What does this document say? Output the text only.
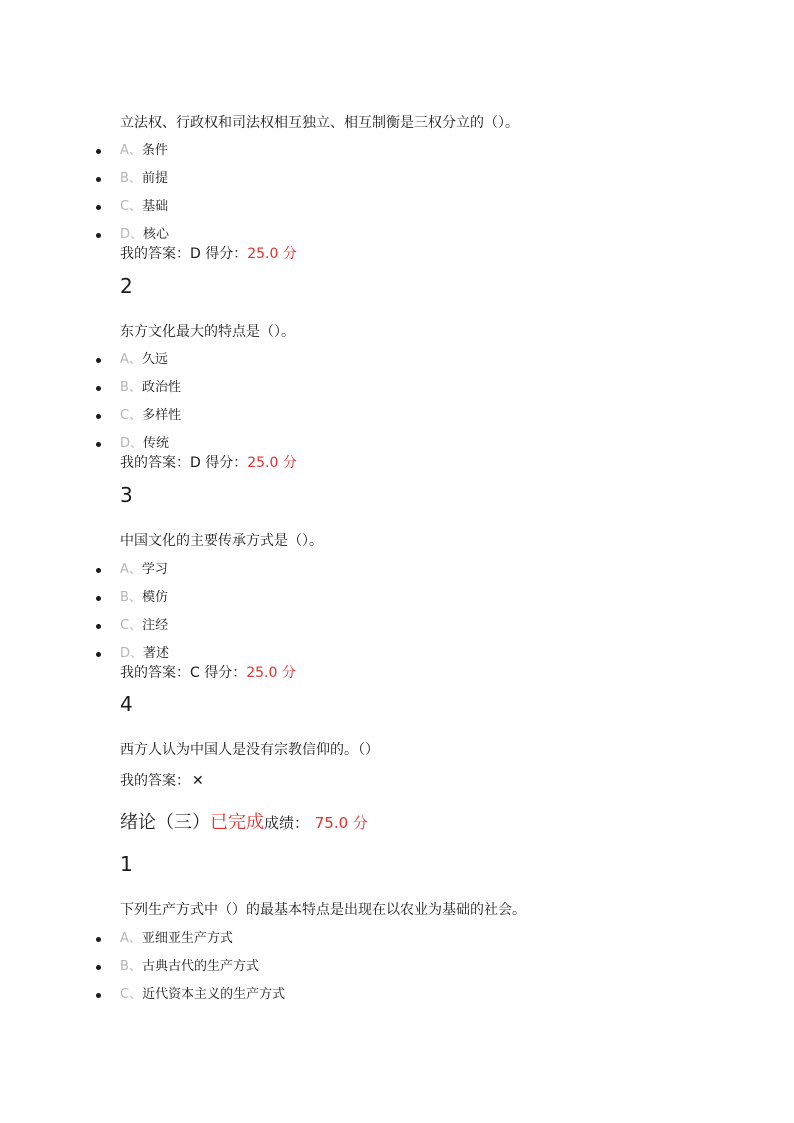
立法权、行政权和司法权相互独立、相互制衡是三权分立的（）。
A、条件
B、前提
C、基础
D、核心
我的答案：D 得分：25.0 分
2
东方文化最大的特点是（）。
A、久远
B、政治性
C、多样性
D、传统
我的答案：D 得分：25.0 分
3
中国文化的主要传承方式是（）。
A、学习
B、模仿
C、注经
D、著述
我的答案：C 得分：25.0 分
4
西方人认为中国人是没有宗教信仰的。（）
我的答案： ✕
绪论（三）已完成成绩： 75.0 分
1
下列生产方式中（）的最基本特点是出现在以农业为基础的社会。
A、亚细亚生产方式
B、古典古代的生产方式
C、近代资本主义的生产方式
